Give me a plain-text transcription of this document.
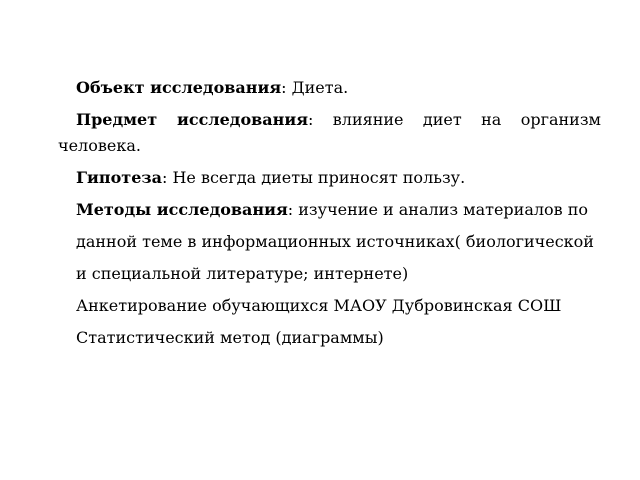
Объект исследования: Диета.

Предмет исследования: влияние диет на организм человека.

Гипотеза: Не всегда диеты приносят пользу.

Методы исследования: изучение и анализ материалов по

данной теме в информационных источниках( биологической

и специальной литературе; интернете)

Анкетирование обучающихся МАОУ Дубровинская СОШ

Статистический метод (диаграммы)
